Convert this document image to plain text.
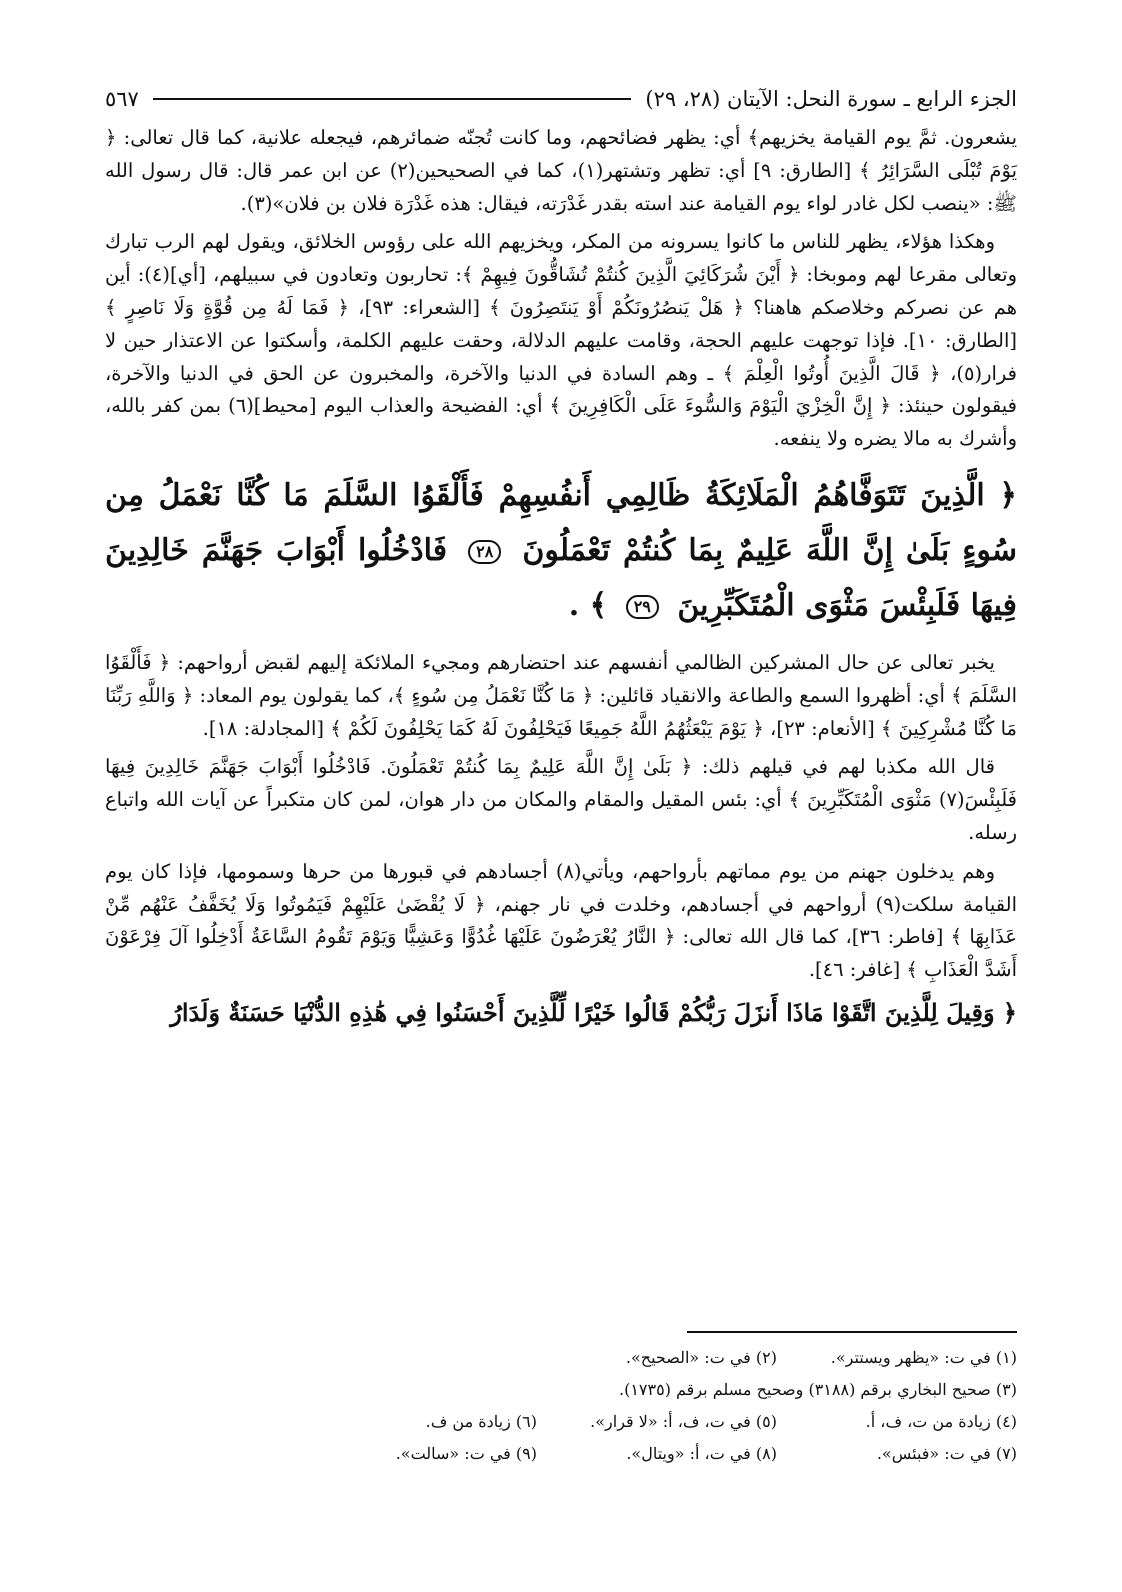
الجزء الرابع ـ سورة النحل: الآيتان (٢٨، ٢٩)
٥٦٧

يشعرون. ثمَّ يوم القيامة يخزيهم﴾ أي: يظهر فضائحهم، وما كانت تُجنّه ضمائرهم، فيجعله علانية، كما قال تعالى: ﴿ يَوْمَ تُبْلَى السَّرَائِرُ ﴾ [الطارق: ٩] أي: تظهر وتشتهر(١)، كما في الصحيحين(٢) عن ابن عمر قال: قال رسول الله ﷺ: «ينصب لكل غادر لواء يوم القيامة عند استه بقدر غَدْرَته، فيقال: هذه غَدْرَة فلان بن فلان»(٣).

وهكذا هؤلاء، يظهر للناس ما كانوا يسرونه من المكر، ويخزيهم الله على رؤوس الخلائق، ويقول لهم الرب تبارك وتعالى مقرعا لهم وموبخا: ﴿ أَيْنَ شُرَكَائِيَ الَّذِينَ كُنتُمْ تُشَاقُّونَ فِيهِمْ ﴾: تحاربون وتعادون في سبيلهم، [أي](٤): أين هم عن نصركم وخلاصكم هاهنا؟ ﴿ هَلْ يَنصُرُونَكُمْ أَوْ يَنتَصِرُونَ ﴾ [الشعراء: ٩٣]، ﴿ فَمَا لَهُ مِن قُوَّةٍ وَلَا نَاصِرٍ ﴾ [الطارق: ١٠]. فإذا توجهت عليهم الحجة، وقامت عليهم الدلالة، وحقت عليهم الكلمة، وأسكتوا عن الاعتذار حين لا فرار(٥)، ﴿ قَالَ الَّذِينَ أُوتُوا الْعِلْمَ ﴾ ـ وهم السادة في الدنيا والآخرة، والمخبرون عن الحق في الدنيا والآخرة، فيقولون حينئذ: ﴿ إِنَّ الْخِزْيَ الْيَوْمَ وَالسُّوءَ عَلَى الْكَافِرِينَ ﴾ أي: الفضيحة والعذاب اليوم [محيط](٦) بمن كفر بالله، وأشرك به مالا يضره ولا ينفعه.

﴿ الَّذِينَ تَتَوَفَّاهُمُ الْمَلَائِكَةُ ظَالِمِي أَنفُسِهِمْ فَأَلْقَوُا السَّلَمَ مَا كُنَّا نَعْمَلُ مِن سُوءٍ بَلَىٰ إِنَّ اللَّهَ عَلِيمٌ بِمَا كُنتُمْ تَعْمَلُونَ ٢٨ فَادْخُلُوا أَبْوَابَ جَهَنَّمَ خَالِدِينَ فِيهَا فَلَبِئْسَ مَثْوَى الْمُتَكَبِّرِينَ ٢٩ ﴾ .

يخبر تعالى عن حال المشركين الظالمي أنفسهم عند احتضارهم ومجيء الملائكة إليهم لقبض أرواحهم: ﴿ فَأَلْقَوُا السَّلَمَ ﴾ أي: أظهروا السمع والطاعة والانقياد قائلين: ﴿ مَا كُنَّا نَعْمَلُ مِن سُوءٍ ﴾، كما يقولون يوم المعاد: ﴿ وَاللَّهِ رَبِّنَا مَا كُنَّا مُشْرِكِينَ ﴾ [الأنعام: ٢٣]، ﴿ يَوْمَ يَبْعَثُهُمُ اللَّهُ جَمِيعًا فَيَحْلِفُونَ لَهُ كَمَا يَحْلِفُونَ لَكُمْ ﴾ [المجادلة: ١٨].

قال الله مكذبا لهم في قيلهم ذلك: ﴿ بَلَىٰ إِنَّ اللَّهَ عَلِيمٌ بِمَا كُنتُمْ تَعْمَلُونَ. فَادْخُلُوا أَبْوَابَ جَهَنَّمَ خَالِدِينَ فِيهَا فَلَبِئْسَ(٧) مَثْوَى الْمُتَكَبِّرِينَ ﴾ أي: بئس المقيل والمقام والمكان من دار هوان، لمن كان متكبراً عن آيات الله واتباع رسله.

وهم يدخلون جهنم من يوم مماتهم بأرواحهم، ويأتي(٨) أجسادهم في قبورها من حرها وسمومها، فإذا كان يوم القيامة سلكت(٩) أرواحهم في أجسادهم، وخلدت في نار جهنم، ﴿ لَا يُقْضَىٰ عَلَيْهِمْ فَيَمُوتُوا وَلَا يُخَفَّفُ عَنْهُم مِّنْ عَذَابِهَا ﴾ [فاطر: ٣٦]، كما قال الله تعالى: ﴿ النَّارُ يُعْرَضُونَ عَلَيْهَا غُدُوًّا وَعَشِيًّا وَيَوْمَ تَقُومُ السَّاعَةُ أَدْخِلُوا آلَ فِرْعَوْنَ أَشَدَّ الْعَذَابِ ﴾ [غافر: ٤٦].

﴿ وَقِيلَ لِلَّذِينَ اتَّقَوْا مَاذَا أَنزَلَ رَبُّكُمْ قَالُوا خَيْرًا لِّلَّذِينَ أَحْسَنُوا فِي هَٰذِهِ الدُّنْيَا حَسَنَةٌ وَلَدَارُ

(١) في ت: «يظهر ويستتر».
(٢) في ت: «الصحيح».
(٣) صحيح البخاري برقم (٣١٨٨) وصحيح مسلم برقم (١٧٣٥).
(٤) زيادة من ت، ف، أ.
(٥) في ت، ف، أ: «لا قرار».
(٦) زيادة من ف.
(٧) في ت: «فبئس».
(٨) في ت، أ: «ويتال».
(٩) في ت: «سالت».
